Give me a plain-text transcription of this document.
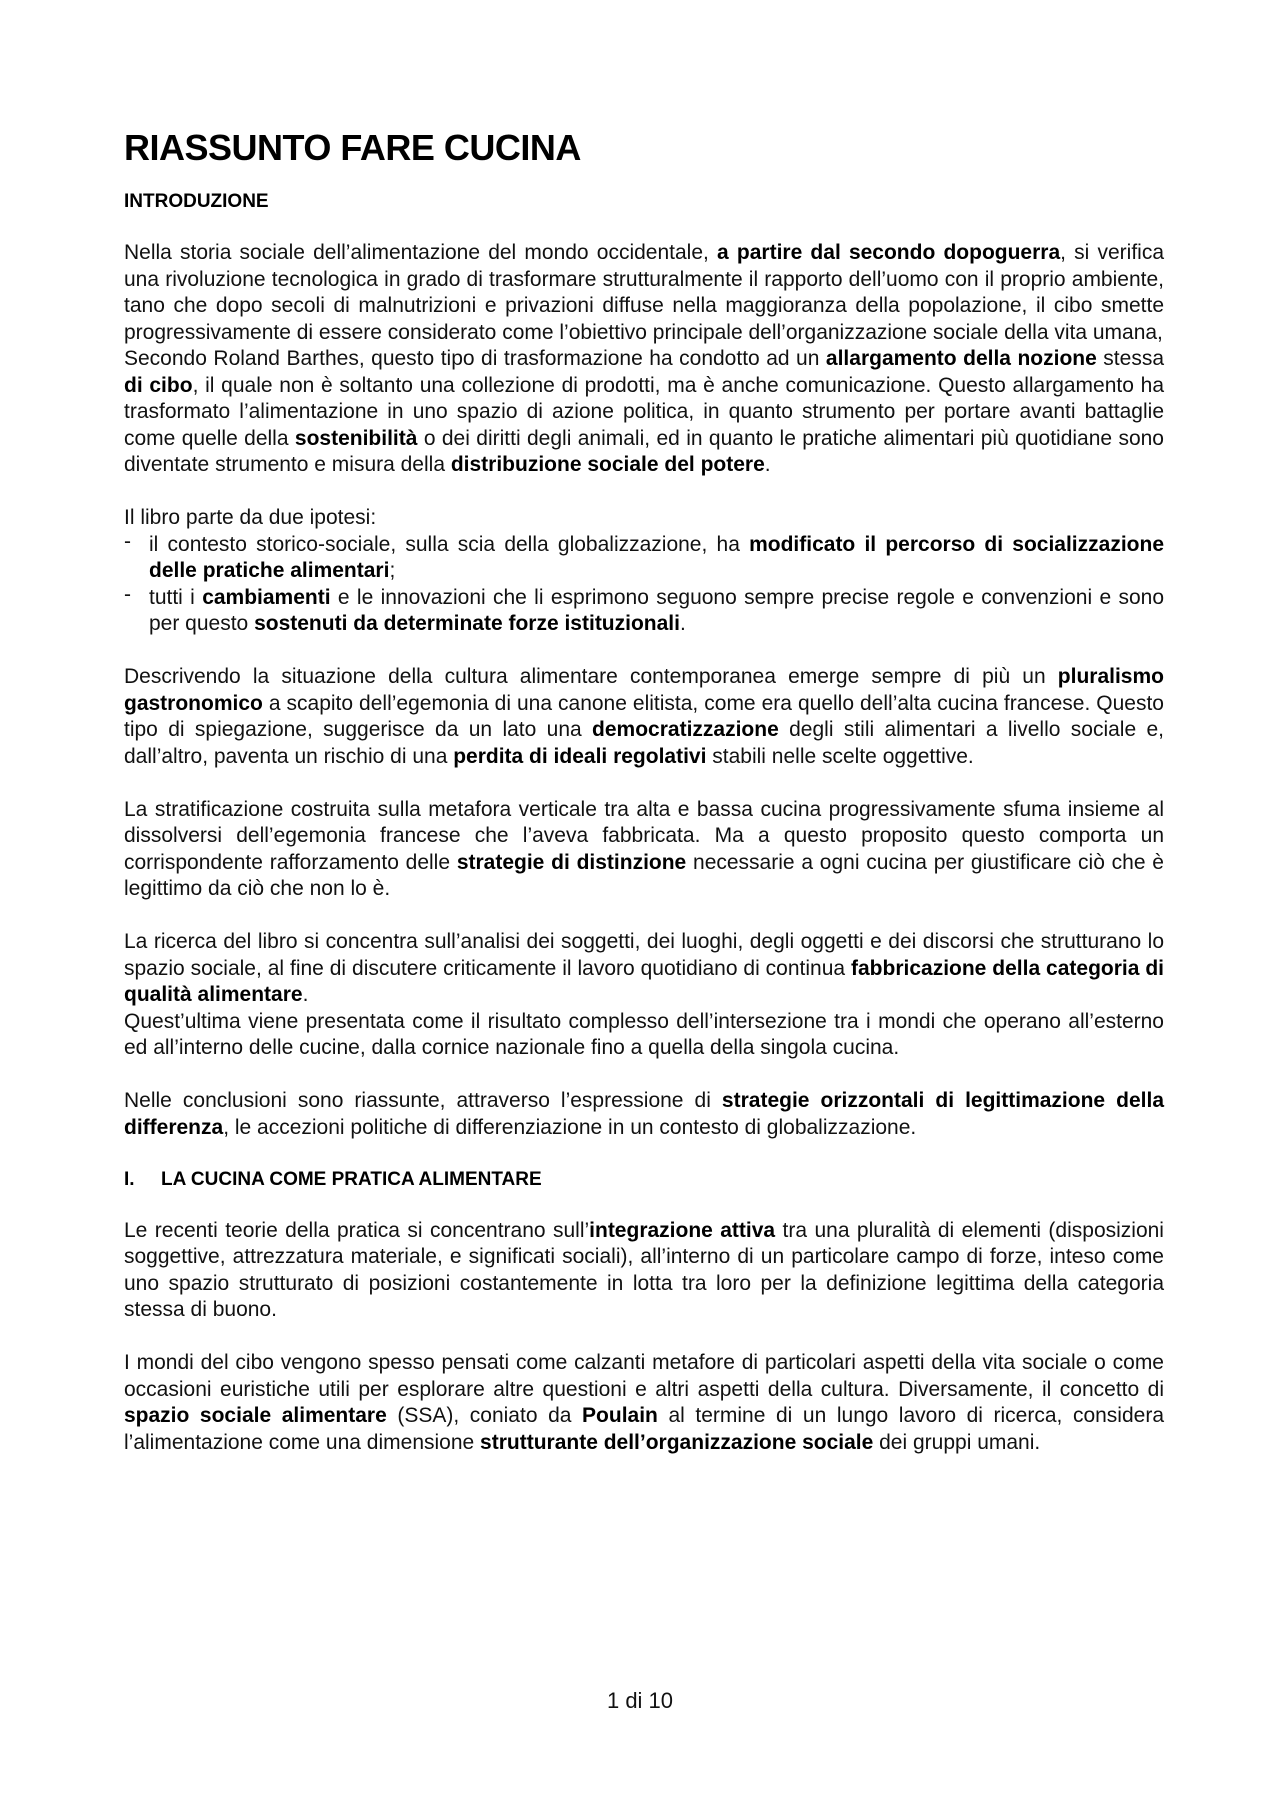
RIASSUNTO FARE CUCINA
INTRODUZIONE

Nella storia sociale dell’alimentazione del mondo occidentale, a partire dal secondo dopoguerra, si verifica una rivoluzione tecnologica in grado di trasformare strutturalmente il rapporto dell’uomo con il proprio ambiente, tano che dopo secoli di malnutrizioni e privazioni diffuse nella maggioranza della popolazione, il cibo smette progressivamente di essere considerato come l’obiettivo principale dell’organizzazione sociale della vita umana,

Secondo Roland Barthes, questo tipo di trasformazione ha condotto ad un allargamento della nozione stessa di cibo, il quale non è soltanto una collezione di prodotti, ma è anche comunicazione. Questo allargamento ha trasformato l’alimentazione in uno spazio di azione politica, in quanto strumento per portare avanti battaglie come quelle della sostenibilità o dei diritti degli animali, ed in quanto le pratiche alimentari più quotidiane sono diventate strumento e misura della distribuzione sociale del potere.

Il libro parte da due ipotesi:

- il contesto storico-sociale, sulla scia della globalizzazione, ha modificato il percorso di socializzazione delle pratiche alimentari;
- tutti i cambiamenti e le innovazioni che li esprimono seguono sempre precise regole e convenzioni e sono per questo sostenuti da determinate forze istituzionali.

Descrivendo la situazione della cultura alimentare contemporanea emerge sempre di più un pluralismo gastronomico a scapito dell’egemonia di una canone elitista, come era quello dell’alta cucina francese. Questo tipo di spiegazione, suggerisce da un lato una democratizzazione degli stili alimentari a livello sociale e, dall’altro, paventa un rischio di una perdita di ideali regolativi stabili nelle scelte oggettive.

La stratificazione costruita sulla metafora verticale tra alta e bassa cucina progressivamente sfuma insieme al dissolversi dell’egemonia francese che l’aveva fabbricata. Ma a questo proposito questo comporta un corrispondente rafforzamento delle strategie di distinzione necessarie a ogni cucina per giustificare ciò che è legittimo da ciò che non lo è.

La ricerca del libro si concentra sull’analisi dei soggetti, dei luoghi, degli oggetti e dei discorsi che strutturano lo spazio sociale, al fine di discutere criticamente il lavoro quotidiano di continua fabbricazione della categoria di qualità alimentare.

Quest’ultima viene presentata come il risultato complesso dell’intersezione tra i mondi che operano all’esterno ed all’interno delle cucine, dalla cornice nazionale fino a quella della singola cucina.

Nelle conclusioni sono riassunte, attraverso l’espressione di strategie orizzontali di legittimazione della differenza, le accezioni politiche di differenziazione in un contesto di globalizzazione.

I. LA CUCINA COME PRATICA ALIMENTARE

Le recenti teorie della pratica si concentrano sull’integrazione attiva tra una pluralità di elementi (disposizioni soggettive, attrezzatura materiale, e significati sociali), all’interno di un particolare campo di forze, inteso come uno spazio strutturato di posizioni costantemente in lotta tra loro per la definizione legittima della categoria stessa di buono.

I mondi del cibo vengono spesso pensati come calzanti metafore di particolari aspetti della vita sociale o come occasioni euristiche utili per esplorare altre questioni e altri aspetti della cultura. Diversamente, il concetto di spazio sociale alimentare (SSA), coniato da Poulain al termine di un lungo lavoro di ricerca, considera l’alimentazione come una dimensione strutturante dell’organizzazione sociale dei gruppi umani.

1 di 10
